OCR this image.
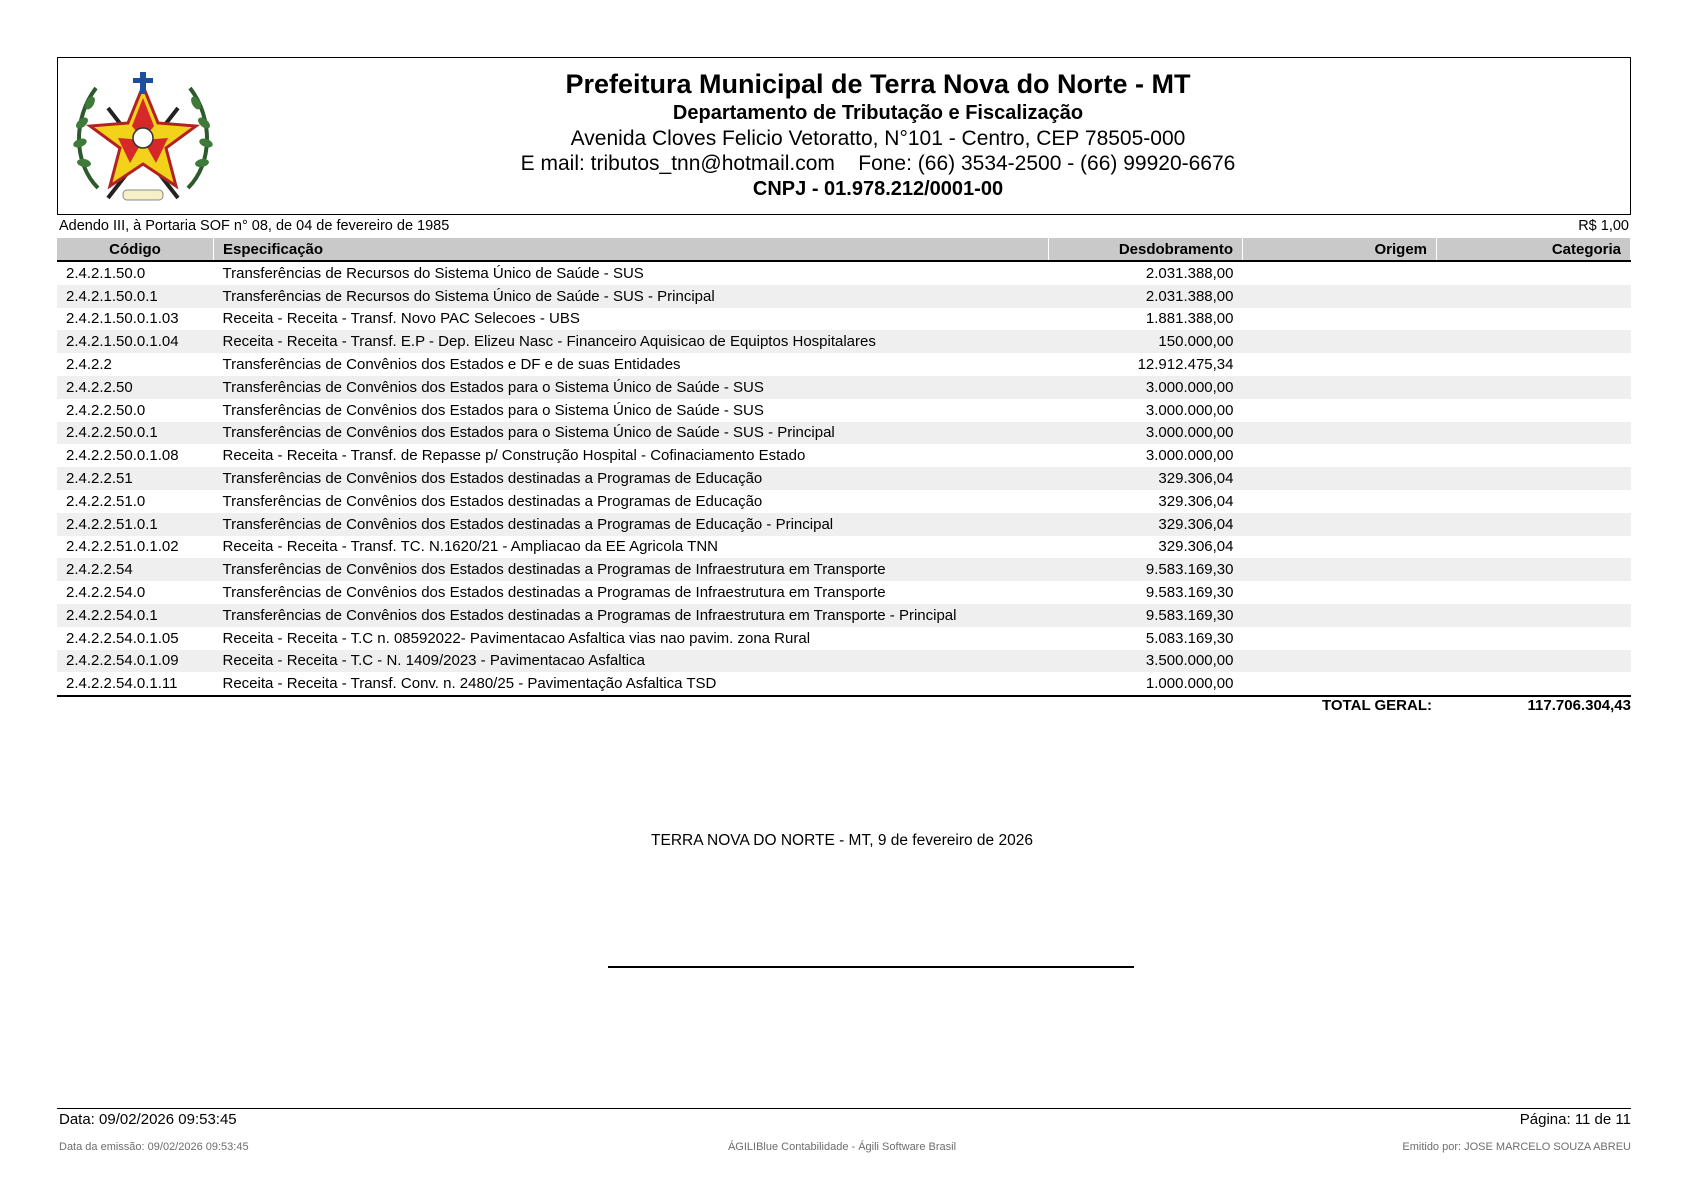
Prefeitura Municipal de Terra Nova do Norte - MT
Departamento de Tributação e Fiscalização
Avenida Cloves Felicio Vetoratto, N°101 - Centro, CEP 78505-000
E mail: tributos_tnn@hotmail.com    Fone: (66) 3534-2500 - (66) 99920-6676
CNPJ - 01.978.212/0001-00
Adendo III, à Portaria SOF n° 08, de 04 de fevereiro de 1985	R$ 1,00
Código	Especificação	Desdobramento	Origem	Categoria
2.4.2.1.50.0	Transferências de Recursos do Sistema Único de Saúde - SUS	2.031.388,00		
2.4.2.1.50.0.1	Transferências de Recursos do Sistema Único de Saúde - SUS - Principal	2.031.388,00		
2.4.2.1.50.0.1.03	Receita - Receita - Transf. Novo PAC Selecoes - UBS	1.881.388,00		
2.4.2.1.50.0.1.04	Receita - Receita - Transf. E.P - Dep. Elizeu Nasc - Financeiro Aquisicao de Equiptos Hospitalares	150.000,00		
2.4.2.2	Transferências de Convênios dos Estados e DF e de suas Entidades	12.912.475,34		
2.4.2.2.50	Transferências de Convênios dos Estados para o Sistema Único de Saúde - SUS	3.000.000,00		
2.4.2.2.50.0	Transferências de Convênios dos Estados para o Sistema Único de Saúde - SUS	3.000.000,00		
2.4.2.2.50.0.1	Transferências de Convênios dos Estados para o Sistema Único de Saúde - SUS - Principal	3.000.000,00		
2.4.2.2.50.0.1.08	Receita - Receita - Transf. de Repasse p/ Construção Hospital - Cofinaciamento Estado	3.000.000,00		
2.4.2.2.51	Transferências de Convênios dos Estados destinadas a Programas de Educação	329.306,04		
2.4.2.2.51.0	Transferências de Convênios dos Estados destinadas a Programas de Educação	329.306,04		
2.4.2.2.51.0.1	Transferências de Convênios dos Estados destinadas a Programas de Educação - Principal	329.306,04		
2.4.2.2.51.0.1.02	Receita - Receita - Transf. TC. N.1620/21 - Ampliacao da EE Agricola TNN	329.306,04		
2.4.2.2.54	Transferências de Convênios dos Estados destinadas a Programas de Infraestrutura em Transporte	9.583.169,30		
2.4.2.2.54.0	Transferências de Convênios dos Estados destinadas a Programas de Infraestrutura em Transporte	9.583.169,30		
2.4.2.2.54.0.1	Transferências de Convênios dos Estados destinadas a Programas de Infraestrutura em Transporte - Principal	9.583.169,30		
2.4.2.2.54.0.1.05	Receita - Receita - T.C n. 08592022- Pavimentacao Asfaltica vias nao pavim. zona Rural	5.083.169,30		
2.4.2.2.54.0.1.09	Receita - Receita - T.C - N. 1409/2023 - Pavimentacao Asfaltica	3.500.000,00		
2.4.2.2.54.0.1.11	Receita - Receita - Transf. Conv. n. 2480/25 - Pavimentação Asfaltica TSD	1.000.000,00		
TOTAL GERAL:	117.706.304,43
TERRA NOVA DO NORTE - MT, 9 de fevereiro de 2026
Data: 09/02/2026 09:53:45	Página: 11 de 11
Data da emissão: 09/02/2026 09:53:45	ÁGILIBlue Contabilidade - Ágili Software Brasil	Emitido por: JOSE MARCELO SOUZA ABREU
